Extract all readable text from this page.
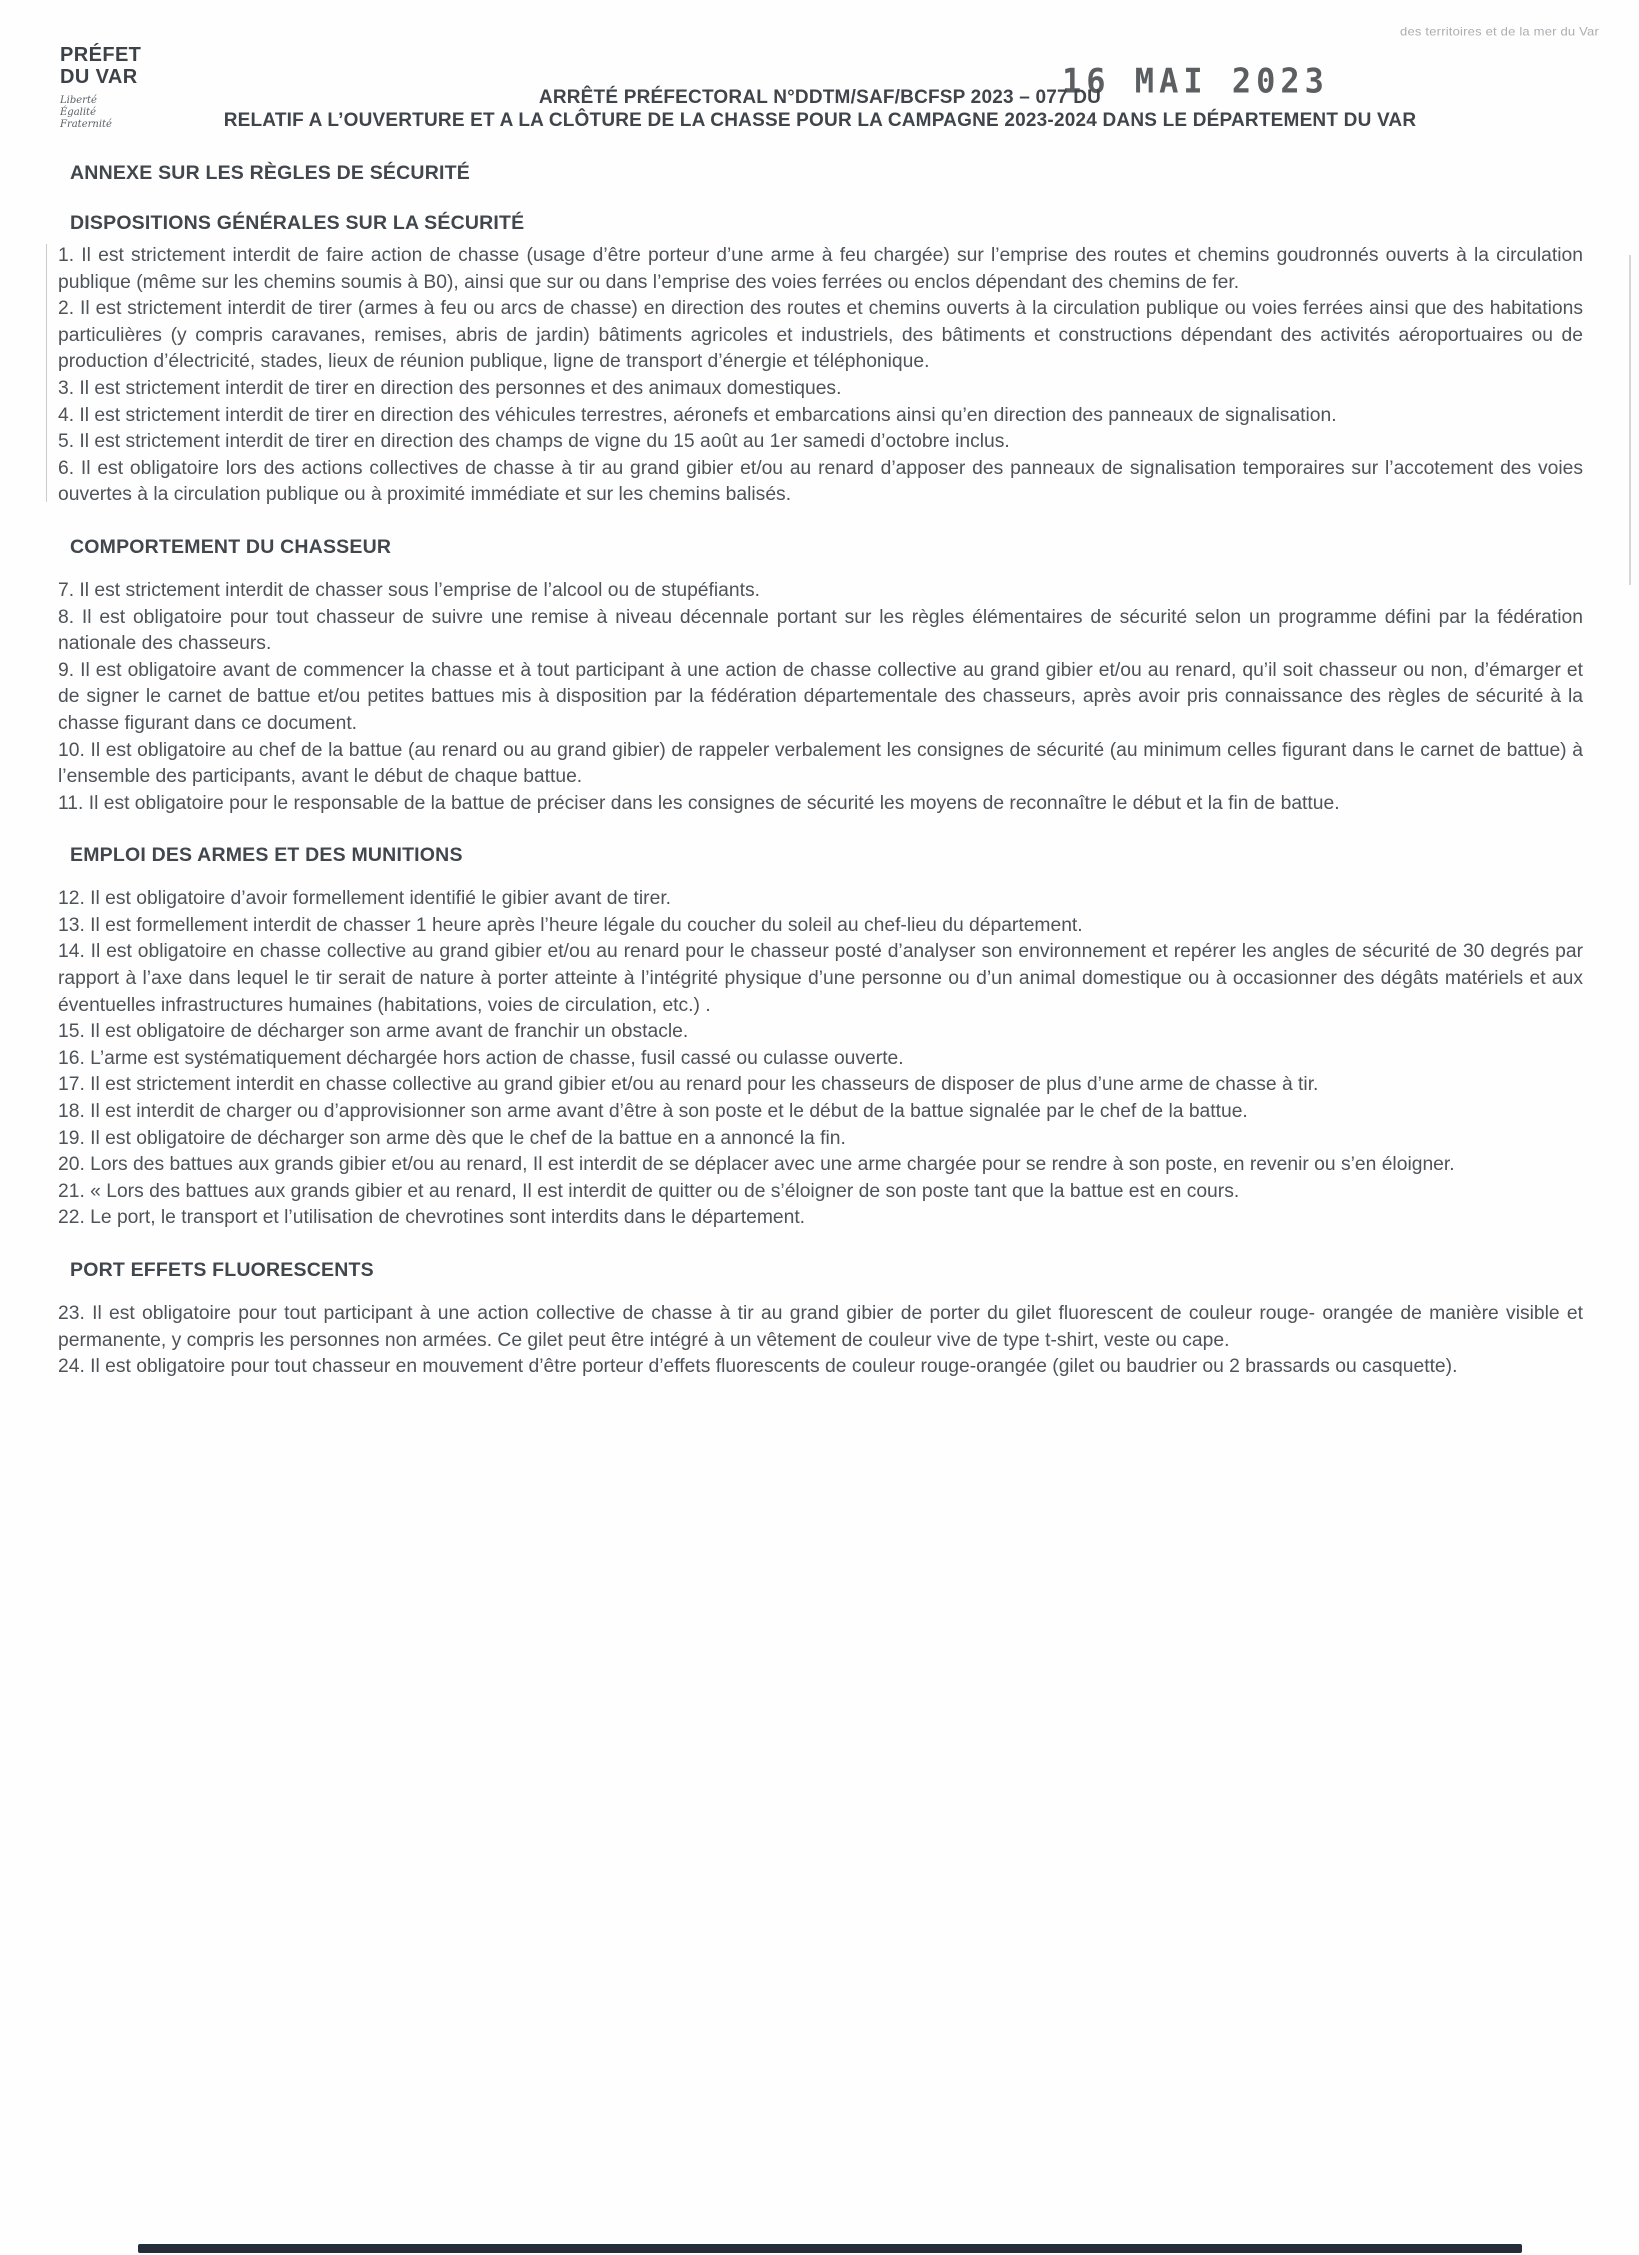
PRÉFET
DU VAR
Liberté
Égalité
Fraternité
des territoires et de la mer du Var
16 MAI 2023
ARRÊTÉ PRÉFECTORAL N°DDTM/SAF/BCFSP 2023 – 077 DU
RELATIF A L’OUVERTURE ET A LA CLÔTURE DE LA CHASSE POUR LA CAMPAGNE 2023-2024 DANS LE DÉPARTEMENT DU VAR
ANNEXE SUR LES RÈGLES DE SÉCURITÉ
DISPOSITIONS GÉNÉRALES SUR LA SÉCURITÉ

1. Il est strictement interdit de faire action de chasse (usage d’être porteur d’une arme à feu chargée) sur l’emprise des routes et chemins goudronnés ouverts à la circulation publique (même sur les chemins soumis à B0), ainsi que sur ou dans l’emprise des voies ferrées ou enclos dépendant des chemins de fer.

2. Il est strictement interdit de tirer (armes à feu ou arcs de chasse) en direction des routes et chemins ouverts à la circulation publique ou voies ferrées ainsi que des habitations particulières (y compris caravanes, remises, abris de jardin) bâtiments agricoles et industriels, des bâtiments et constructions dépendant des activités aéroportuaires ou de production d’électricité, stades, lieux de réunion publique, ligne de transport d’énergie et téléphonique.

3. Il est strictement interdit de tirer en direction des personnes et des animaux domestiques.

4. Il est strictement interdit de tirer en direction des véhicules terrestres, aéronefs et embarcations ainsi qu’en direction des panneaux de signalisation.

5. Il est strictement interdit de tirer en direction des champs de vigne du 15 août au 1er samedi d’octobre inclus.

6. Il est obligatoire lors des actions collectives de chasse à tir au grand gibier et/ou au renard d’apposer des panneaux de signalisation temporaires sur l’accotement des voies ouvertes à la circulation publique ou à proximité immédiate et sur les chemins balisés.

COMPORTEMENT DU CHASSEUR

7. Il est strictement interdit de chasser sous l’emprise de l’alcool ou de stupéfiants.

8. Il est obligatoire pour tout chasseur de suivre une remise à niveau décennale portant sur les règles élémentaires de sécurité selon un programme défini par la fédération nationale des chasseurs.

9. Il est obligatoire avant de commencer la chasse et à tout participant à une action de chasse collective au grand gibier et/ou au renard, qu’il soit chasseur ou non, d’émarger et de signer le carnet de battue et/ou petites battues mis à disposition par la fédération départementale des chasseurs, après avoir pris connaissance des règles de sécurité à la chasse figurant dans ce document.

10. Il est obligatoire au chef de la battue (au renard ou au grand gibier) de rappeler verbalement les consignes de sécurité (au minimum celles figurant dans le carnet de battue) à l’ensemble des participants, avant le début de chaque battue.

11. Il est obligatoire pour le responsable de la battue de préciser dans les consignes de sécurité les moyens de reconnaître le début et la fin de battue.

EMPLOI DES ARMES ET DES MUNITIONS

12. Il est obligatoire d’avoir formellement identifié le gibier avant de tirer.

13. Il est formellement interdit de chasser 1 heure après l’heure légale du coucher du soleil au chef-lieu du département.

14. Il est obligatoire en chasse collective au grand gibier et/ou au renard pour le chasseur posté d’analyser son environnement et repérer les angles de sécurité de 30 degrés par rapport à l’axe dans lequel le tir serait de nature à porter atteinte à l’intégrité physique d’une personne ou d’un animal domestique ou à occasionner des dégâts matériels et aux éventuelles infrastructures humaines (habitations, voies de circulation, etc.) .

15. Il est obligatoire de décharger son arme avant de franchir un obstacle.

16. L’arme est systématiquement déchargée hors action de chasse, fusil cassé ou culasse ouverte.

17. Il est strictement interdit en chasse collective au grand gibier et/ou au renard pour les chasseurs de disposer de plus d’une arme de chasse à tir.

18. Il est interdit de charger ou d’approvisionner son arme avant d’être à son poste et le début de la battue signalée par le chef de la battue.

19. Il est obligatoire de décharger son arme dès que le chef de la battue en a annoncé la fin.

20. Lors des battues aux grands gibier et/ou au renard, Il est interdit de se déplacer avec une arme chargée pour se rendre à son poste, en revenir ou s’en éloigner.

21. « Lors des battues aux grands gibier et au renard, Il est interdit de quitter ou de s’éloigner de son poste tant que la battue est en cours.

22. Le port, le transport et l’utilisation de chevrotines sont interdits dans le département.

PORT EFFETS FLUORESCENTS

23. Il est obligatoire pour tout participant à une action collective de chasse à tir au grand gibier de porter du gilet fluorescent de couleur rouge- orangée de manière visible et permanente, y compris les personnes non armées. Ce gilet peut être intégré à un vêtement de couleur vive de type t-shirt, veste ou cape.

24. Il est obligatoire pour tout chasseur en mouvement d’être porteur d’effets fluorescents de couleur rouge-orangée (gilet ou baudrier ou 2 brassards ou casquette).
